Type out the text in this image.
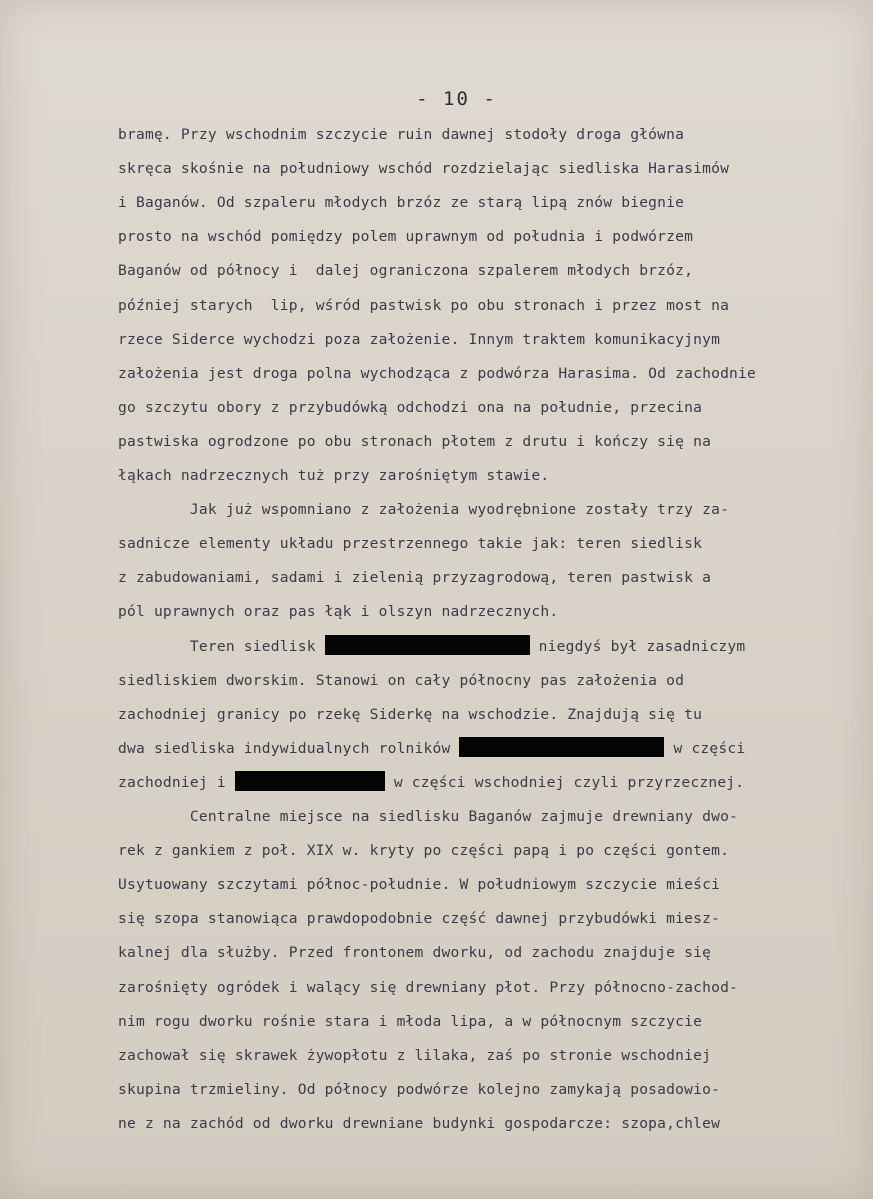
- 10 -
bramę. Przy wschodnim szczycie ruin dawnej stodoły droga główna
skręca skośnie na południowy wschód rozdzielając siedliska Harasimów
i Baganów. Od szpaleru młodych brzóz ze starą lipą znów biegnie
prosto na wschód pomiędzy polem uprawnym od południa i podwórzem
Baganów od północy i  dalej ograniczona szpalerem młodych brzóz,
później starych  lip, wśród pastwisk po obu stronach i przez most na
rzece Siderce wychodzi poza założenie. Innym traktem komunikacyjnym
założenia jest droga polna wychodząca z podwórza Harasima. Od zachodnie
go szczytu obory z przybudówką odchodzi ona na południe, przecina
pastwiska ogrodzone po obu stronach płotem z drutu i kończy się na
łąkach nadrzecznych tuż przy zarośniętym stawie.
Jak już wspomniano z założenia wyodrębnione zostały trzy za-
sadnicze elementy układu przestrzennego takie jak: teren siedlisk
z zabudowaniami, sadami i zielenią przyzagrodową, teren pastwisk a
pól uprawnych oraz pas łąk i olszyn nadrzecznych.
Teren siedlisk	niegdyś był zasadniczym
siedliskiem dworskim. Stanowi on cały północny pas założenia od
zachodniej granicy po rzekę Siderkę na wschodzie. Znajdują się tu
dwa siedliska indywidualnych rolników	w części
zachodniej i	w części wschodniej czyli przyrzecznej.
Centralne miejsce na siedlisku Baganów zajmuje drewniany dwo-
rek z gankiem z poł. XIX w. kryty po części papą i po części gontem.
Usytuowany szczytami północ-południe. W południowym szczycie mieści
się szopa stanowiąca prawdopodobnie część dawnej przybudówki miesz-
kalnej dla służby. Przed frontonem dworku, od zachodu znajduje się
zarośnięty ogródek i walący się drewniany płot. Przy północno-zachod-
nim rogu dworku rośnie stara i młoda lipa, a w północnym szczycie
zachował się skrawek żywopłotu z lilaka, zaś po stronie wschodniej
skupina trzmieliny. Od północy podwórze kolejno zamykają posadowio-
ne z na zachód od dworku drewniane budynki gospodarcze: szopa,chlew
